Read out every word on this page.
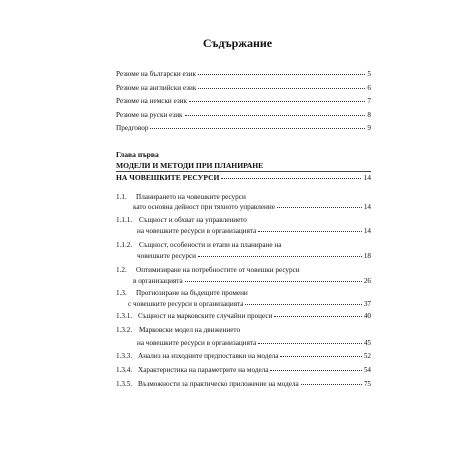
Съдържание
Резюме на български език	5
Резюме на английски език	6
Резюме на немски език	7
Резюме на руски език	8
Предговор	9
Глава първа
МОДЕЛИ И МЕТОДИ ПРИ ПЛАНИРАНЕ
НА ЧОВЕШКИТЕ РЕСУРСИ	14
1.1. Планирането на човешките ресурси
като основна дейност при тяхното управление	14
1.1.1. Същност и обхват на управлението
на човешките ресурси в организацията	14
1.1.2. Същност, особености и етапи на планиране на
човешките ресурси	18
1.2. Оптимизиране на потребностите от човешки ресурси
в организацията	26
1.3. Прогнозиране на бъдещите промени
с човешките ресурси в организацията	37
1.3.1. Същност на марковските случайни процеси	40
1.3.2. Марковски модел на движението
на човешките ресурси в организацията	45
1.3.3. Анализ на изходните предпоставки на модела	52
1.3.4. Характеристика на параметрите на модела	54
1.3.5. Възможности за практическо приложение на модела	75
